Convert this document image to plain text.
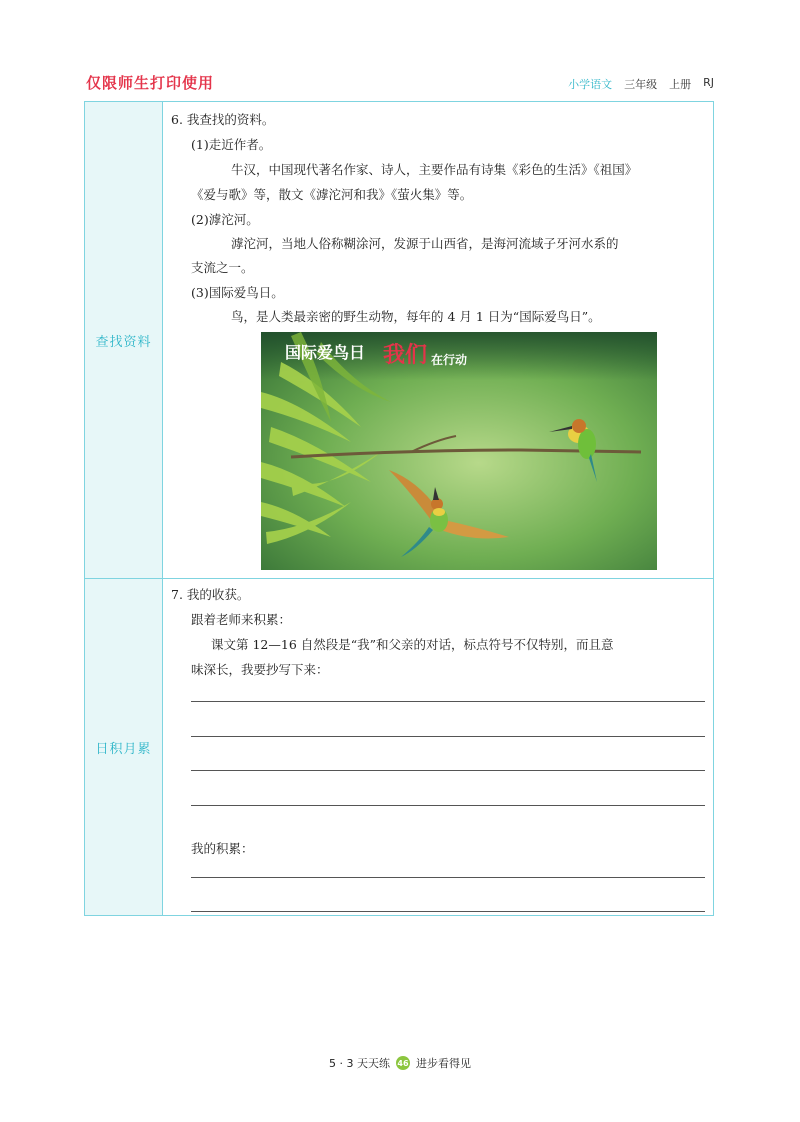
仅限师生打印使用	小学语文 三年级 上册 RJ
查找资料
6. 我查找的资料。
(1)走近作者。
牛汉，中国现代著名作家、诗人，主要作品有诗集《彩色的生活》《祖国》
《爱与歌》等，散文《滹沱河和我》《萤火集》等。
(2)滹沱河。
滹沱河，当地人俗称糊涂河，发源于山西省，是海河流域子牙河水系的
支流之一。
(3)国际爱鸟日。
鸟，是人类最亲密的野生动物，每年的 4 月 1 日为“国际爱鸟日”。
国际爱鸟日 我们 在行动
日积月累
7. 我的收获。
跟着老师来积累：
课文第 12—16 自然段是“我”和父亲的对话，标点符号不仅特别，而且意
味深长，我要抄写下来：
我的积累：
5 · 3 天天练 46 进步看得见
